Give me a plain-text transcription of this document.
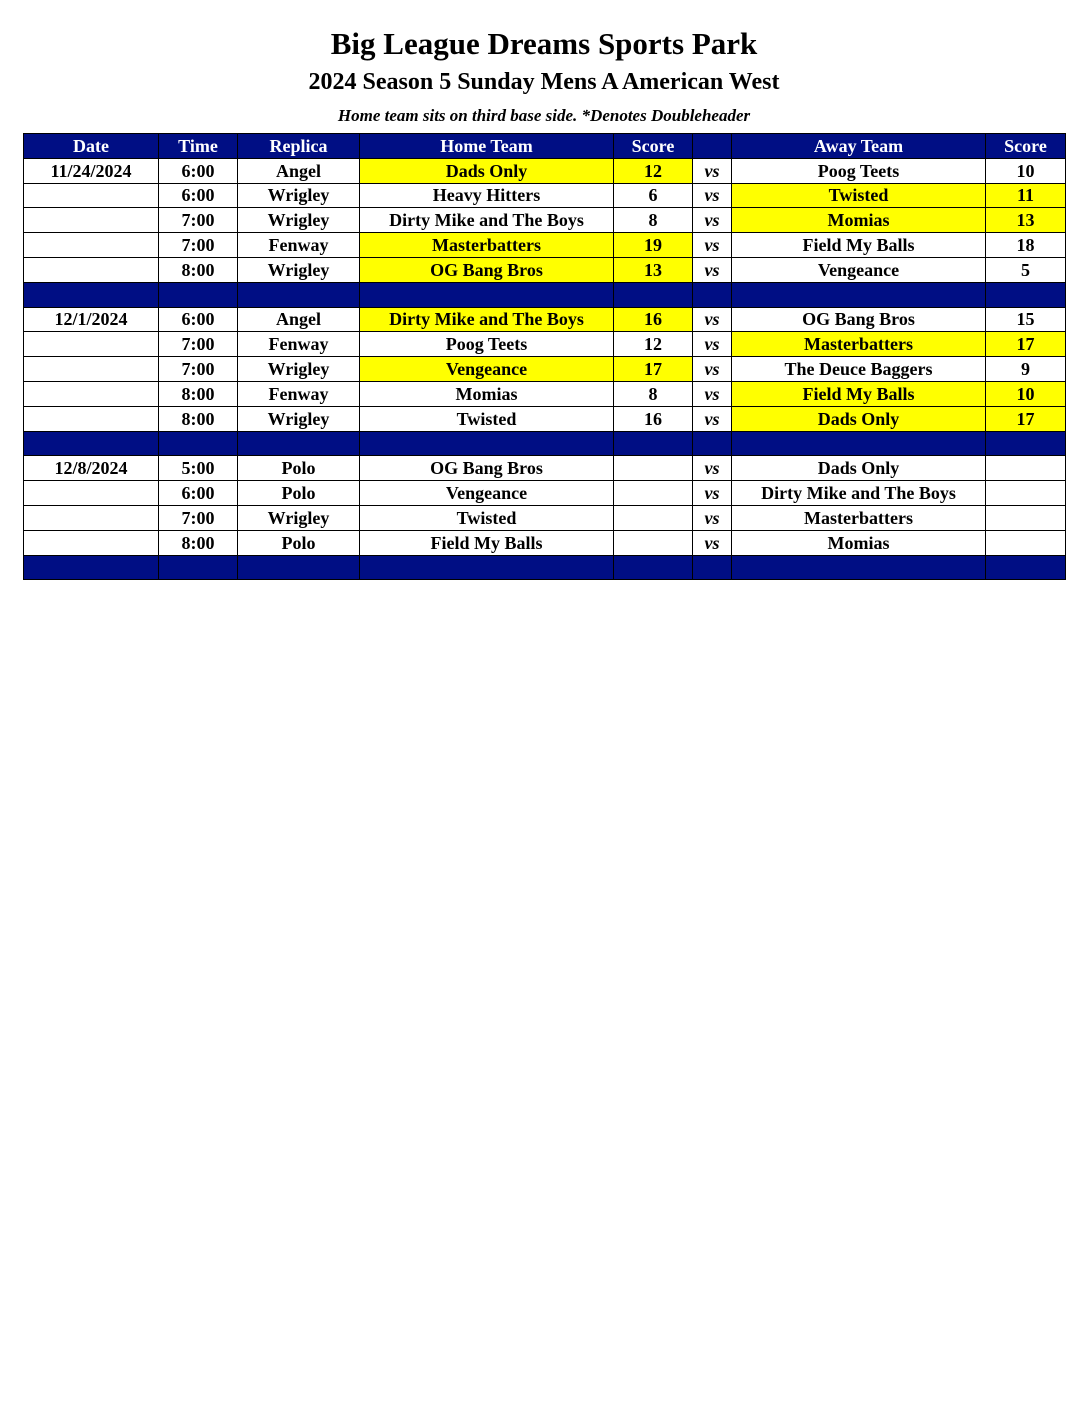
Big League Dreams Sports Park
2024 Season 5 Sunday Mens A American West
Home team sits on third base side. *Denotes Doubleheader
Date	Time	Replica	Home Team	Score		Away Team	Score
11/24/2024	6:00	Angel	Dads Only	12	vs	Poog Teets	10
	6:00	Wrigley	Heavy Hitters	6	vs	Twisted	11
	7:00	Wrigley	Dirty Mike and The Boys	8	vs	Momias	13
	7:00	Fenway	Masterbatters	19	vs	Field My Balls	18
	8:00	Wrigley	OG Bang Bros	13	vs	Vengeance	5

12/1/2024	6:00	Angel	Dirty Mike and The Boys	16	vs	OG Bang Bros	15
	7:00	Fenway	Poog Teets	12	vs	Masterbatters	17
	7:00	Wrigley	Vengeance	17	vs	The Deuce Baggers	9
	8:00	Fenway	Momias	8	vs	Field My Balls	10
	8:00	Wrigley	Twisted	16	vs	Dads Only	17

12/8/2024	5:00	Polo	OG Bang Bros		vs	Dads Only	
	6:00	Polo	Vengeance		vs	Dirty Mike and The Boys	
	7:00	Wrigley	Twisted		vs	Masterbatters	
	8:00	Polo	Field My Balls		vs	Momias	
